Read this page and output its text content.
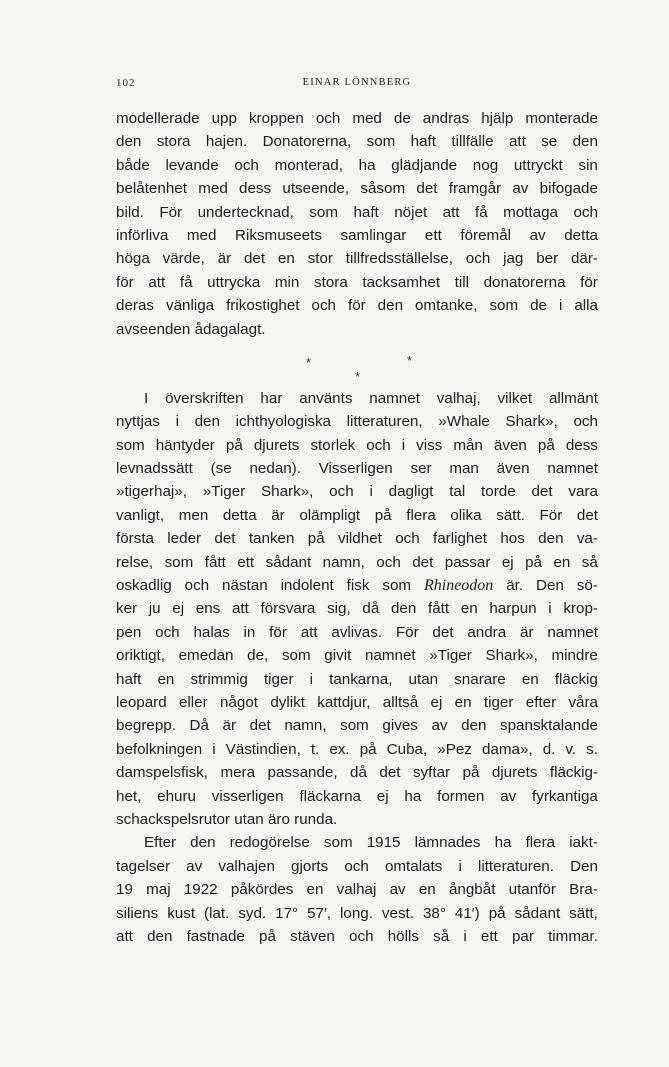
102	EINAR LÖNNBERG
modellerade upp kroppen och med de andras hjälp monterade
den stora hajen. Donatorerna, som haft tillfälle att se den
både levande och monterad, ha glädjande nog uttryckt sin
belåtenhet med dess utseende, såsom det framgår av bifogade
bild. För undertecknad, som haft nöjet att få mottaga och
införliva med Riksmuseets samlingar ett föremål av detta
höga värde, är det en stor tillfredsställelse, och jag ber där-
för att få uttrycka min stora tacksamhet till donatorerna för
deras vänliga frikostighet och för den omtanke, som de i alla
avseenden
ådagalagt.
*	*
*
I överskriften har använts namnet valhaj, vilket allmänt
nyttjas i den ichthyologiska litteraturen, »Whale Shark», och
som häntyder på djurets storlek och i viss mån även på dess
levnadssätt (se nedan). Visserligen ser man även namnet
»tigerhaj», »Tiger Shark», och i dagligt tal torde det vara
vanligt, men detta är olämpligt på flera olika sätt. För det
första leder det tanken på vildhet och farlighet hos den va-
relse, som fått ett sådant namn, och det passar ej på en så
oskadlig och nästan indolent fisk som Rhineodon är. Den sö-
ker ju ej ens att försvara sig, då den fått en harpun i krop-
pen och halas in för att avlivas. För det andra är namnet
oriktigt, emedan de, som givit namnet »Tiger Shark», mindre
haft en strimmig tiger i tankarna, utan snarare en fläckig
leopard eller något dylikt kattdjur, alltså ej en tiger efter våra
begrepp. Då är det namn, som gives av den spansktalande
befolkningen i Västindien, t. ex. på Cuba, »Pez dama», d. v. s.
damspelsfisk, mera passande, då det syftar på djurets fläckig-
het, ehuru visserligen fläckarna ej ha formen av fyrkantiga
schackspelsrutor
utan
äro
runda.
Efter den redogörelse som 1915 lämnades ha flera iakt-
tagelser av valhajen gjorts och omtalats i litteraturen. Den
19 maj 1922 påkördes en valhaj av en ångbåt utanför Bra-
siliens kust (lat. syd. 17° 57′, long. vest. 38° 41′) på sådant sätt,
att den fastnade på stäven och hölls så i ett par timmar.
